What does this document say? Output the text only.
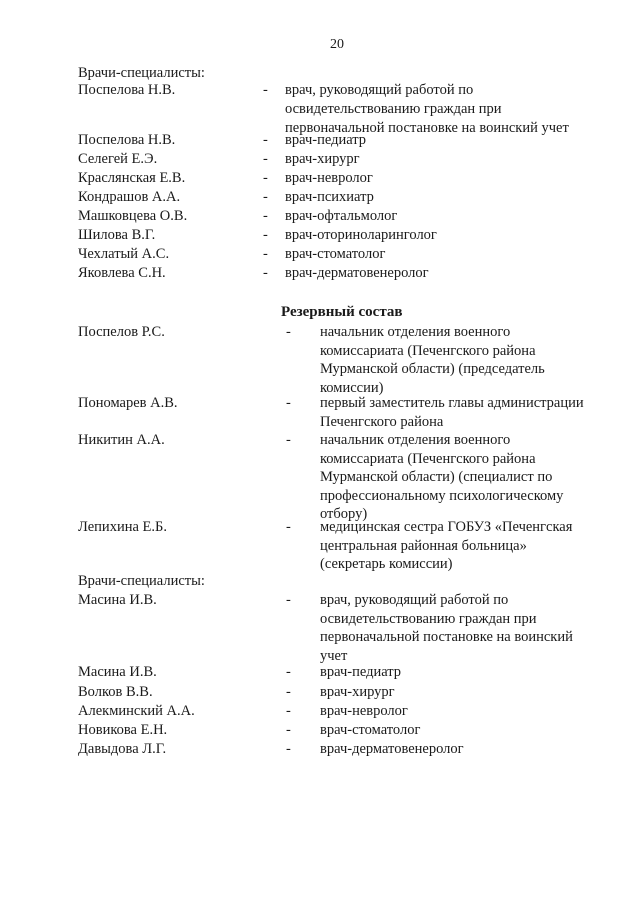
20
Врачи-специалисты:
Резервный состав
Врачи-специалисты:
Поспелова Н.В.	- врач, руководящий работой по
освидетельствованию граждан при
первоначальной постановке на воинский учет
Поспелова Н.В.	- врач-педиатр
Селегей Е.Э.	- врач-хирург
Краслянская Е.В.	- врач-невролог
Кондрашов А.А.	- врач-психиатр
Машковцева О.В.	- врач-офтальмолог
Шилова В.Г.	- врач-оториноларинголог
Чехлатый А.С.	- врач-стоматолог
Яковлева С.Н.	- врач-дерматовенеролог
Поспелов Р.С.	- начальник отделения военного
комиссариата (Печенгского района
Мурманской области) (председатель
комиссии)
Пономарев А.В.	- первый заместитель главы администрации
Печенгского района
Никитин А.А.	- начальник отделения военного
комиссариата (Печенгского района
Мурманской области) (специалист по
профессиональному психологическому
отбору)
Лепихина Е.Б.	- медицинская сестра ГОБУЗ «Печенгская
центральная районная больница»
(секретарь комиссии)
Масина И.В.	- врач, руководящий работой по
освидетельствованию граждан при
первоначальной постановке на воинский
учет
Масина И.В.	- врач-педиатр
Волков В.В.	- врач-хирург
Алекминский А.А.	- врач-невролог
Новикова Е.Н.	- врач-стоматолог
Давыдова Л.Г.	- врач-дерматовенеролог
